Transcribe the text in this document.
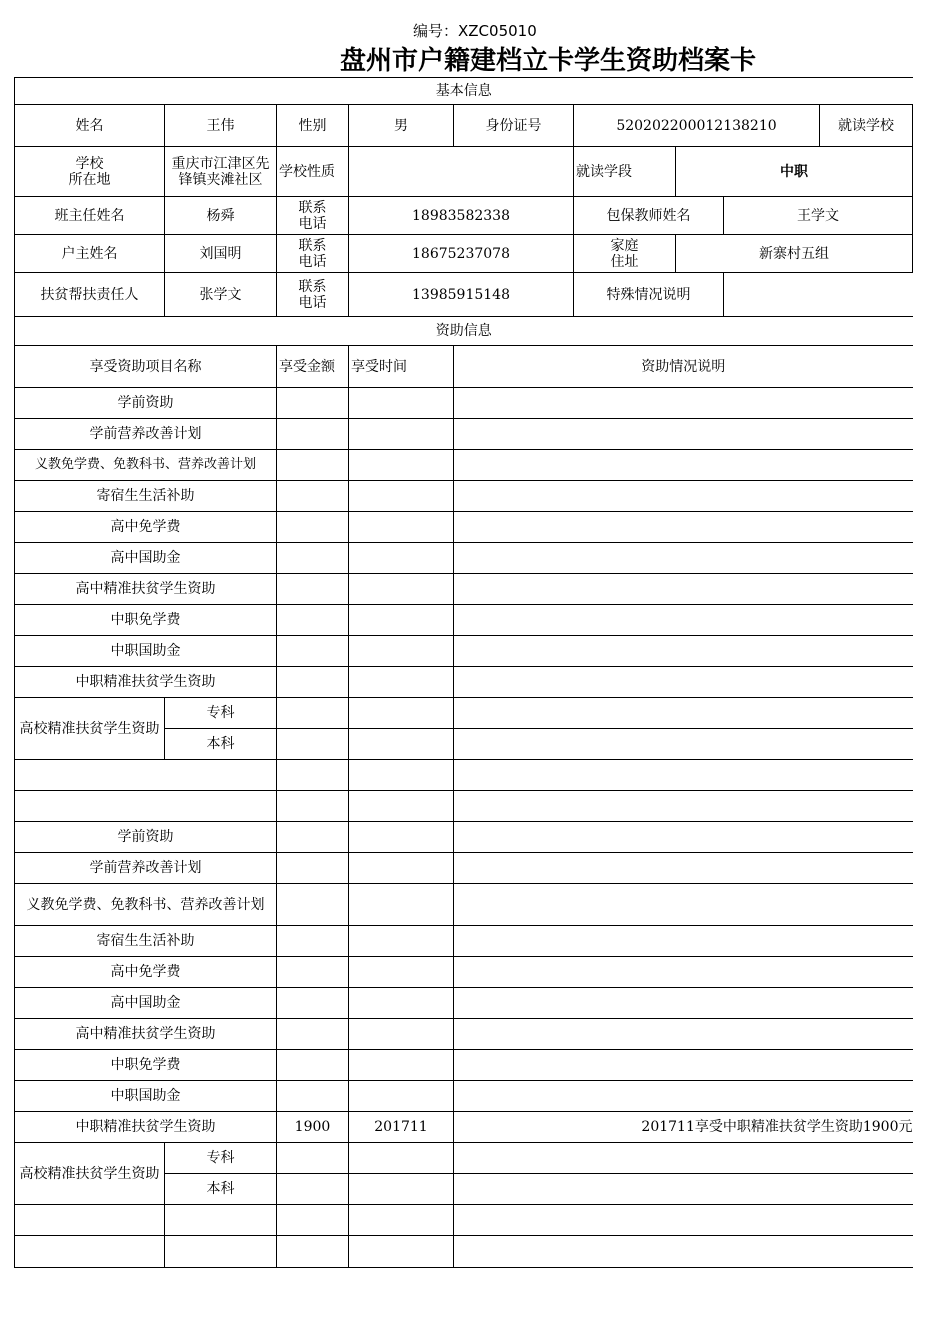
编号：XZC05010
盘州市户籍建档立卡学生资助档案卡
基本信息								
姓名	王伟	性别	男	身份证号	520202200012138210			就读学校
学校
所在地	重庆市江津区先锋镇夹滩社区	学校性质			就读学段	中职		
班主任姓名	杨舜	联系
电话	18983582338		包保教师姓名		王学文	
户主姓名	刘国明	联系
电话	18675237078		家庭
住址	新寨村五组		
扶贫帮扶责任人	张学文	联系
电话	13985915148		特殊情况说明			
资助信息								
享受资助项目名称		享受金额	享受时间	资助情况说明				
学前资助								
学前营养改善计划								
义教免学费、免教科书、营养改善计划								
寄宿生生活补助								
高中免学费								
高中国助金								
高中精准扶贫学生资助								
中职免学费								
中职国助金								
中职精准扶贫学生资助								
高校精准扶贫学生资助	专科							
	本科							

学前资助								
学前营养改善计划								
义教免学费、免教科书、营养改善计划								
寄宿生生活补助								
高中免学费								
高中国助金								
高中精准扶贫学生资助								
中职免学费								
中职国助金								
中职精准扶贫学生资助		1900	201711	201711享受中职精准扶贫学生资助1900元				
高校精准扶贫学生资助	专科							
	本科							
